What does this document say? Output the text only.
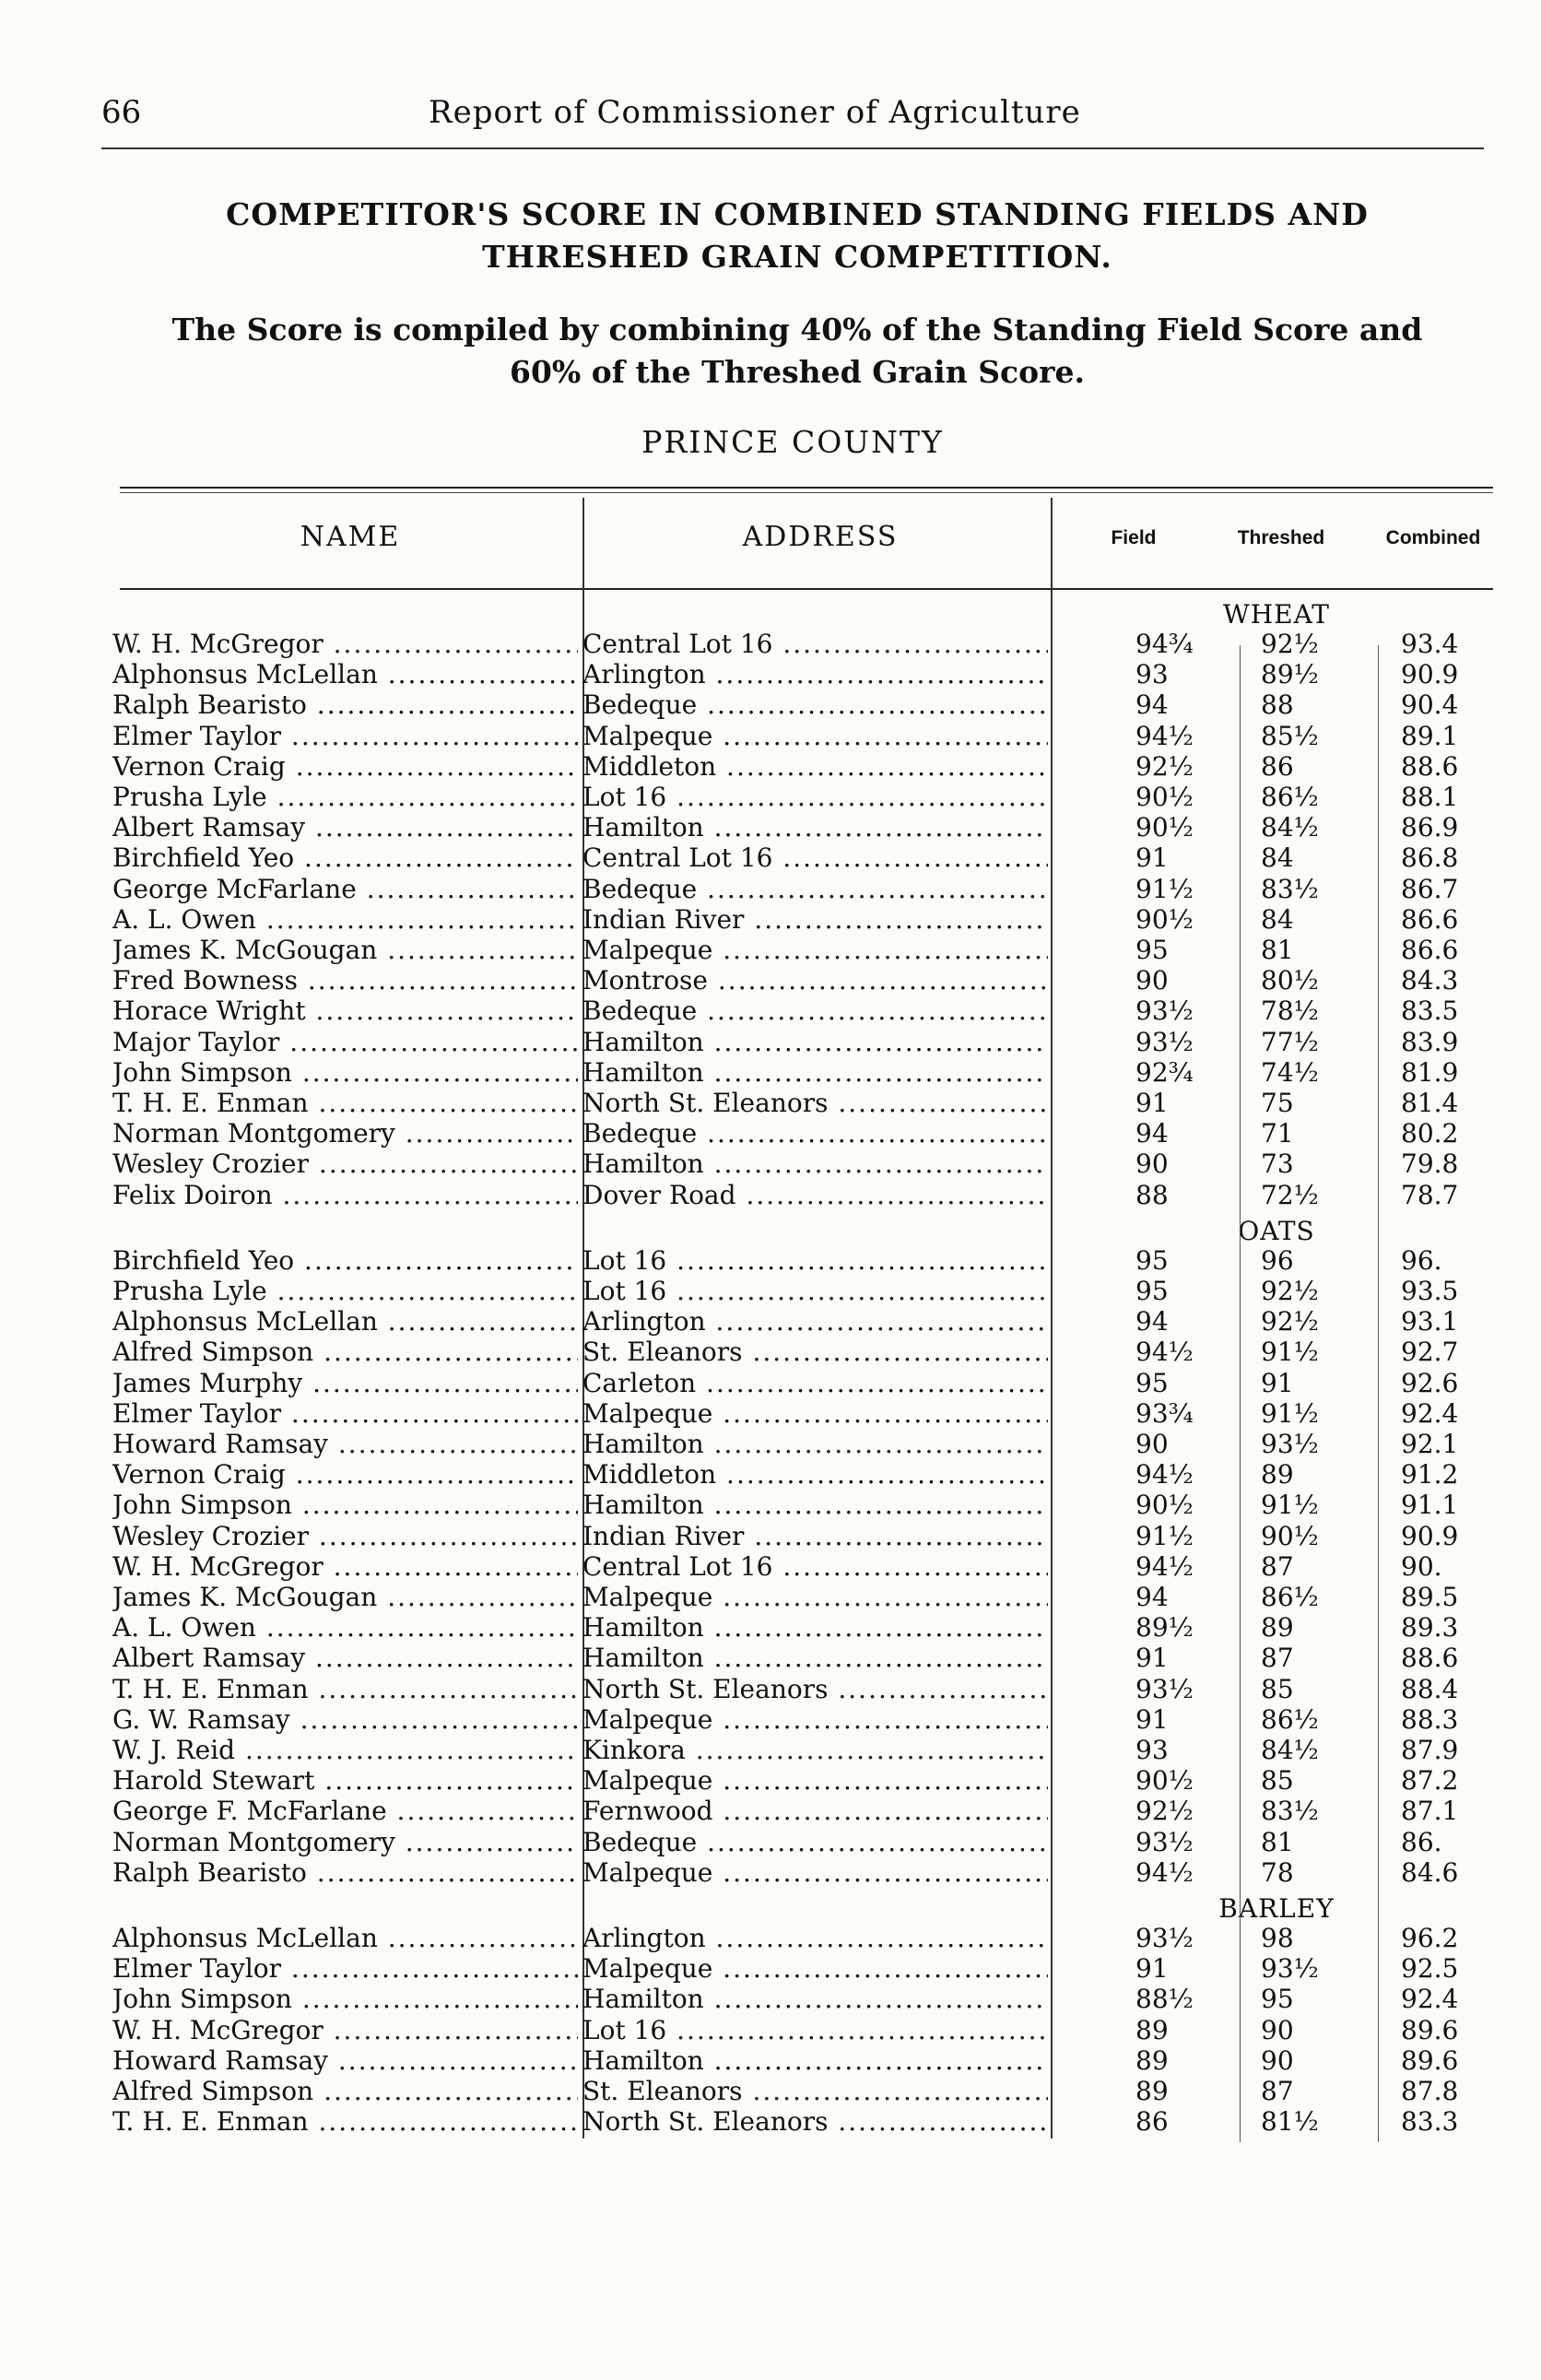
66	Report of Commissioner of Agriculture
COMPETITOR'S SCORE IN COMBINED STANDING FIELDS AND
THRESHED GRAIN COMPETITION.
The Score is compiled by combining 40% of the Standing Field Score and
60% of the Threshed Grain Score.
PRINCE COUNTY
NAME	ADDRESS	Field	Threshed	Combined
WHEAT
W. H. McGregor .....	Central Lot 16 .....	94¾	92½	93.4
Alphonsus McLellan .....	Arlington .....	93	89½	90.9
Ralph Bearisto .....	Bedeque .....	94	88	90.4
Elmer Taylor .....	Malpeque .....	94½	85½	89.1
Vernon Craig .....	Middleton .....	92½	86	88.6
Prusha Lyle .....	Lot 16 .....	90½	86½	88.1
Albert Ramsay .....	Hamilton .....	90½	84½	86.9
Birchfield Yeo .....	Central Lot 16 .....	91	84	86.8
George McFarlane .....	Bedeque .....	91½	83½	86.7
A. L. Owen .....	Indian River .....	90½	84	86.6
James K. McGougan .....	Malpeque .....	95	81	86.6
Fred Bowness .....	Montrose .....	90	80½	84.3
Horace Wright .....	Bedeque .....	93½	78½	83.5
Major Taylor .....	Hamilton .....	93½	77½	83.9
John Simpson .....	Hamilton .....	92¾	74½	81.9
T. H. E. Enman .....	North St. Eleanors .....	91	75	81.4
Norman Montgomery .....	Bedeque .....	94	71	80.2
Wesley Crozier .....	Hamilton .....	90	73	79.8
Felix Doiron .....	Dover Road .....	88	72½	78.7
OATS
Birchfield Yeo .....	Lot 16 .....	95	96	96.
Prusha Lyle .....	Lot 16 .....	95	92½	93.5
Alphonsus McLellan .....	Arlington .....	94	92½	93.1
Alfred Simpson .....	St. Eleanors .....	94½	91½	92.7
James Murphy .....	Carleton .....	95	91	92.6
Elmer Taylor .....	Malpeque .....	93¾	91½	92.4
Howard Ramsay .....	Hamilton .....	90	93½	92.1
Vernon Craig .....	Middleton .....	94½	89	91.2
John Simpson .....	Hamilton .....	90½	91½	91.1
Wesley Crozier .....	Indian River .....	91½	90½	90.9
W. H. McGregor .....	Central Lot 16 .....	94½	87	90.
James K. McGougan .....	Malpeque .....	94	86½	89.5
A. L. Owen .....	Hamilton .....	89½	89	89.3
Albert Ramsay .....	Hamilton .....	91	87	88.6
T. H. E. Enman .....	North St. Eleanors .....	93½	85	88.4
G. W. Ramsay .....	Malpeque .....	91	86½	88.3
W. J. Reid .....	Kinkora .....	93	84½	87.9
Harold Stewart .....	Malpeque .....	90½	85	87.2
George F. McFarlane .....	Fernwood .....	92½	83½	87.1
Norman Montgomery .....	Bedeque .....	93½	81	86.
Ralph Bearisto .....	Malpeque .....	94½	78	84.6
BARLEY
Alphonsus McLellan .....	Arlington .....	93½	98	96.2
Elmer Taylor .....	Malpeque .....	91	93½	92.5
John Simpson .....	Hamilton .....	88½	95	92.4
W. H. McGregor .....	Lot 16 .....	89	90	89.6
Howard Ramsay .....	Hamilton .....	89	90	89.6
Alfred Simpson .....	St. Eleanors .....	89	87	87.8
T. H. E. Enman .....	North St. Eleanors .....	86	81½	83.3
